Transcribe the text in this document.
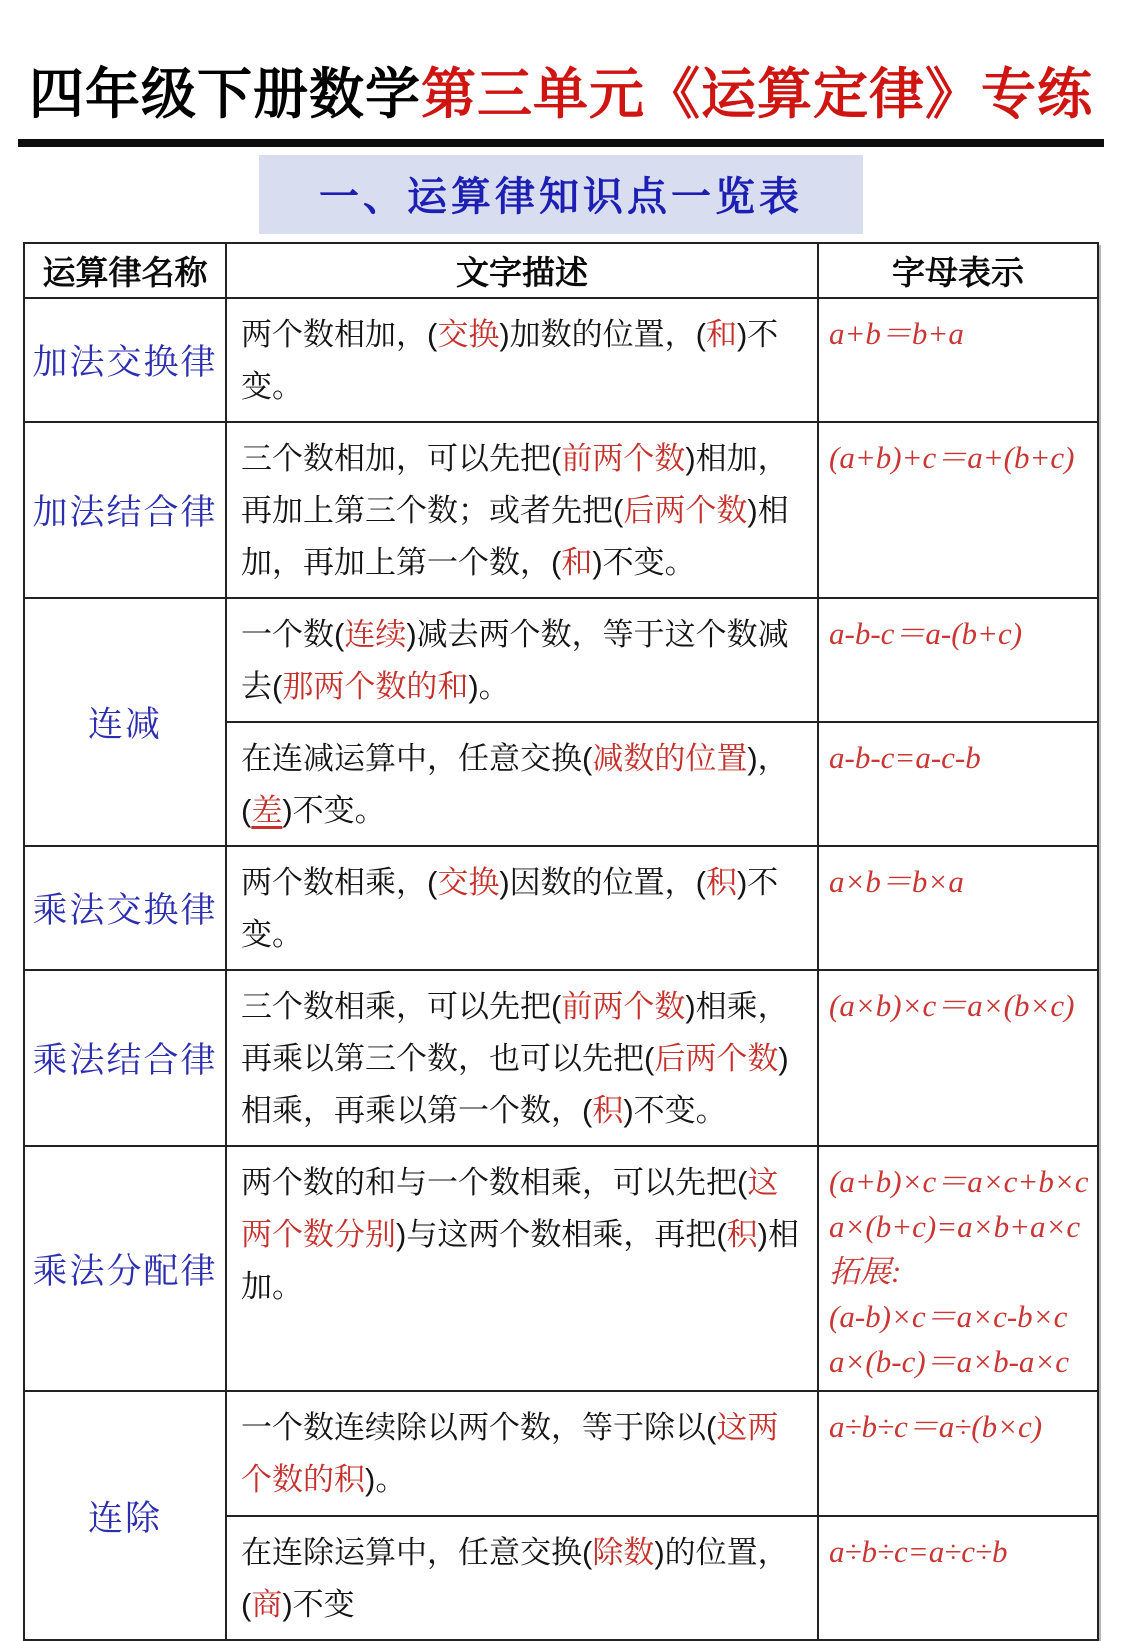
四年级下册数学第三单元《运算定律》专练
一、运算律知识点一览表
运算律名称	文字描述	字母表示
加法交换律	两个数相加，(交换)加数的位置，(和)不变。	a+b＝b+a

加法结合律	三个数相加，可以先把(前两个数)相加，再加上第三个数；或者先把(后两个数)相加，再加上第一个数，(和)不变。	(a+b)+c＝a+(b+c)

连减	一个数(连续)减去两个数，等于这个数减去(那两个数的和)。	a-b-c＝a-(b+c)

	在连减运算中，任意交换(减数的位置)，(差)不变。	a-b-c=a-c-b

乘法交换律	两个数相乘，(交换)因数的位置，(积)不变。	a×b＝b×a

乘法结合律	三个数相乘，可以先把(前两个数)相乘，再乘以第三个数，也可以先把(后两个数)相乘，再乘以第一个数，(积)不变。	(a×b)×c＝a×(b×c)

乘法分配律	两个数的和与一个数相乘，可以先把(这两个数分别)与这两个数相乘，再把(积)相加。	(a+b)×c＝a×c+b×c
a×(b+c)=a×b+a×c
拓展:
(a-b)×c＝a×c-b×c
a×(b-c)＝a×b-a×c

连除	一个数连续除以两个数，等于除以(这两个数的积)。	a÷b÷c＝a÷(b×c)

	在连除运算中，任意交换(除数)的位置，(商)不变	a÷b÷c=a÷c÷b
